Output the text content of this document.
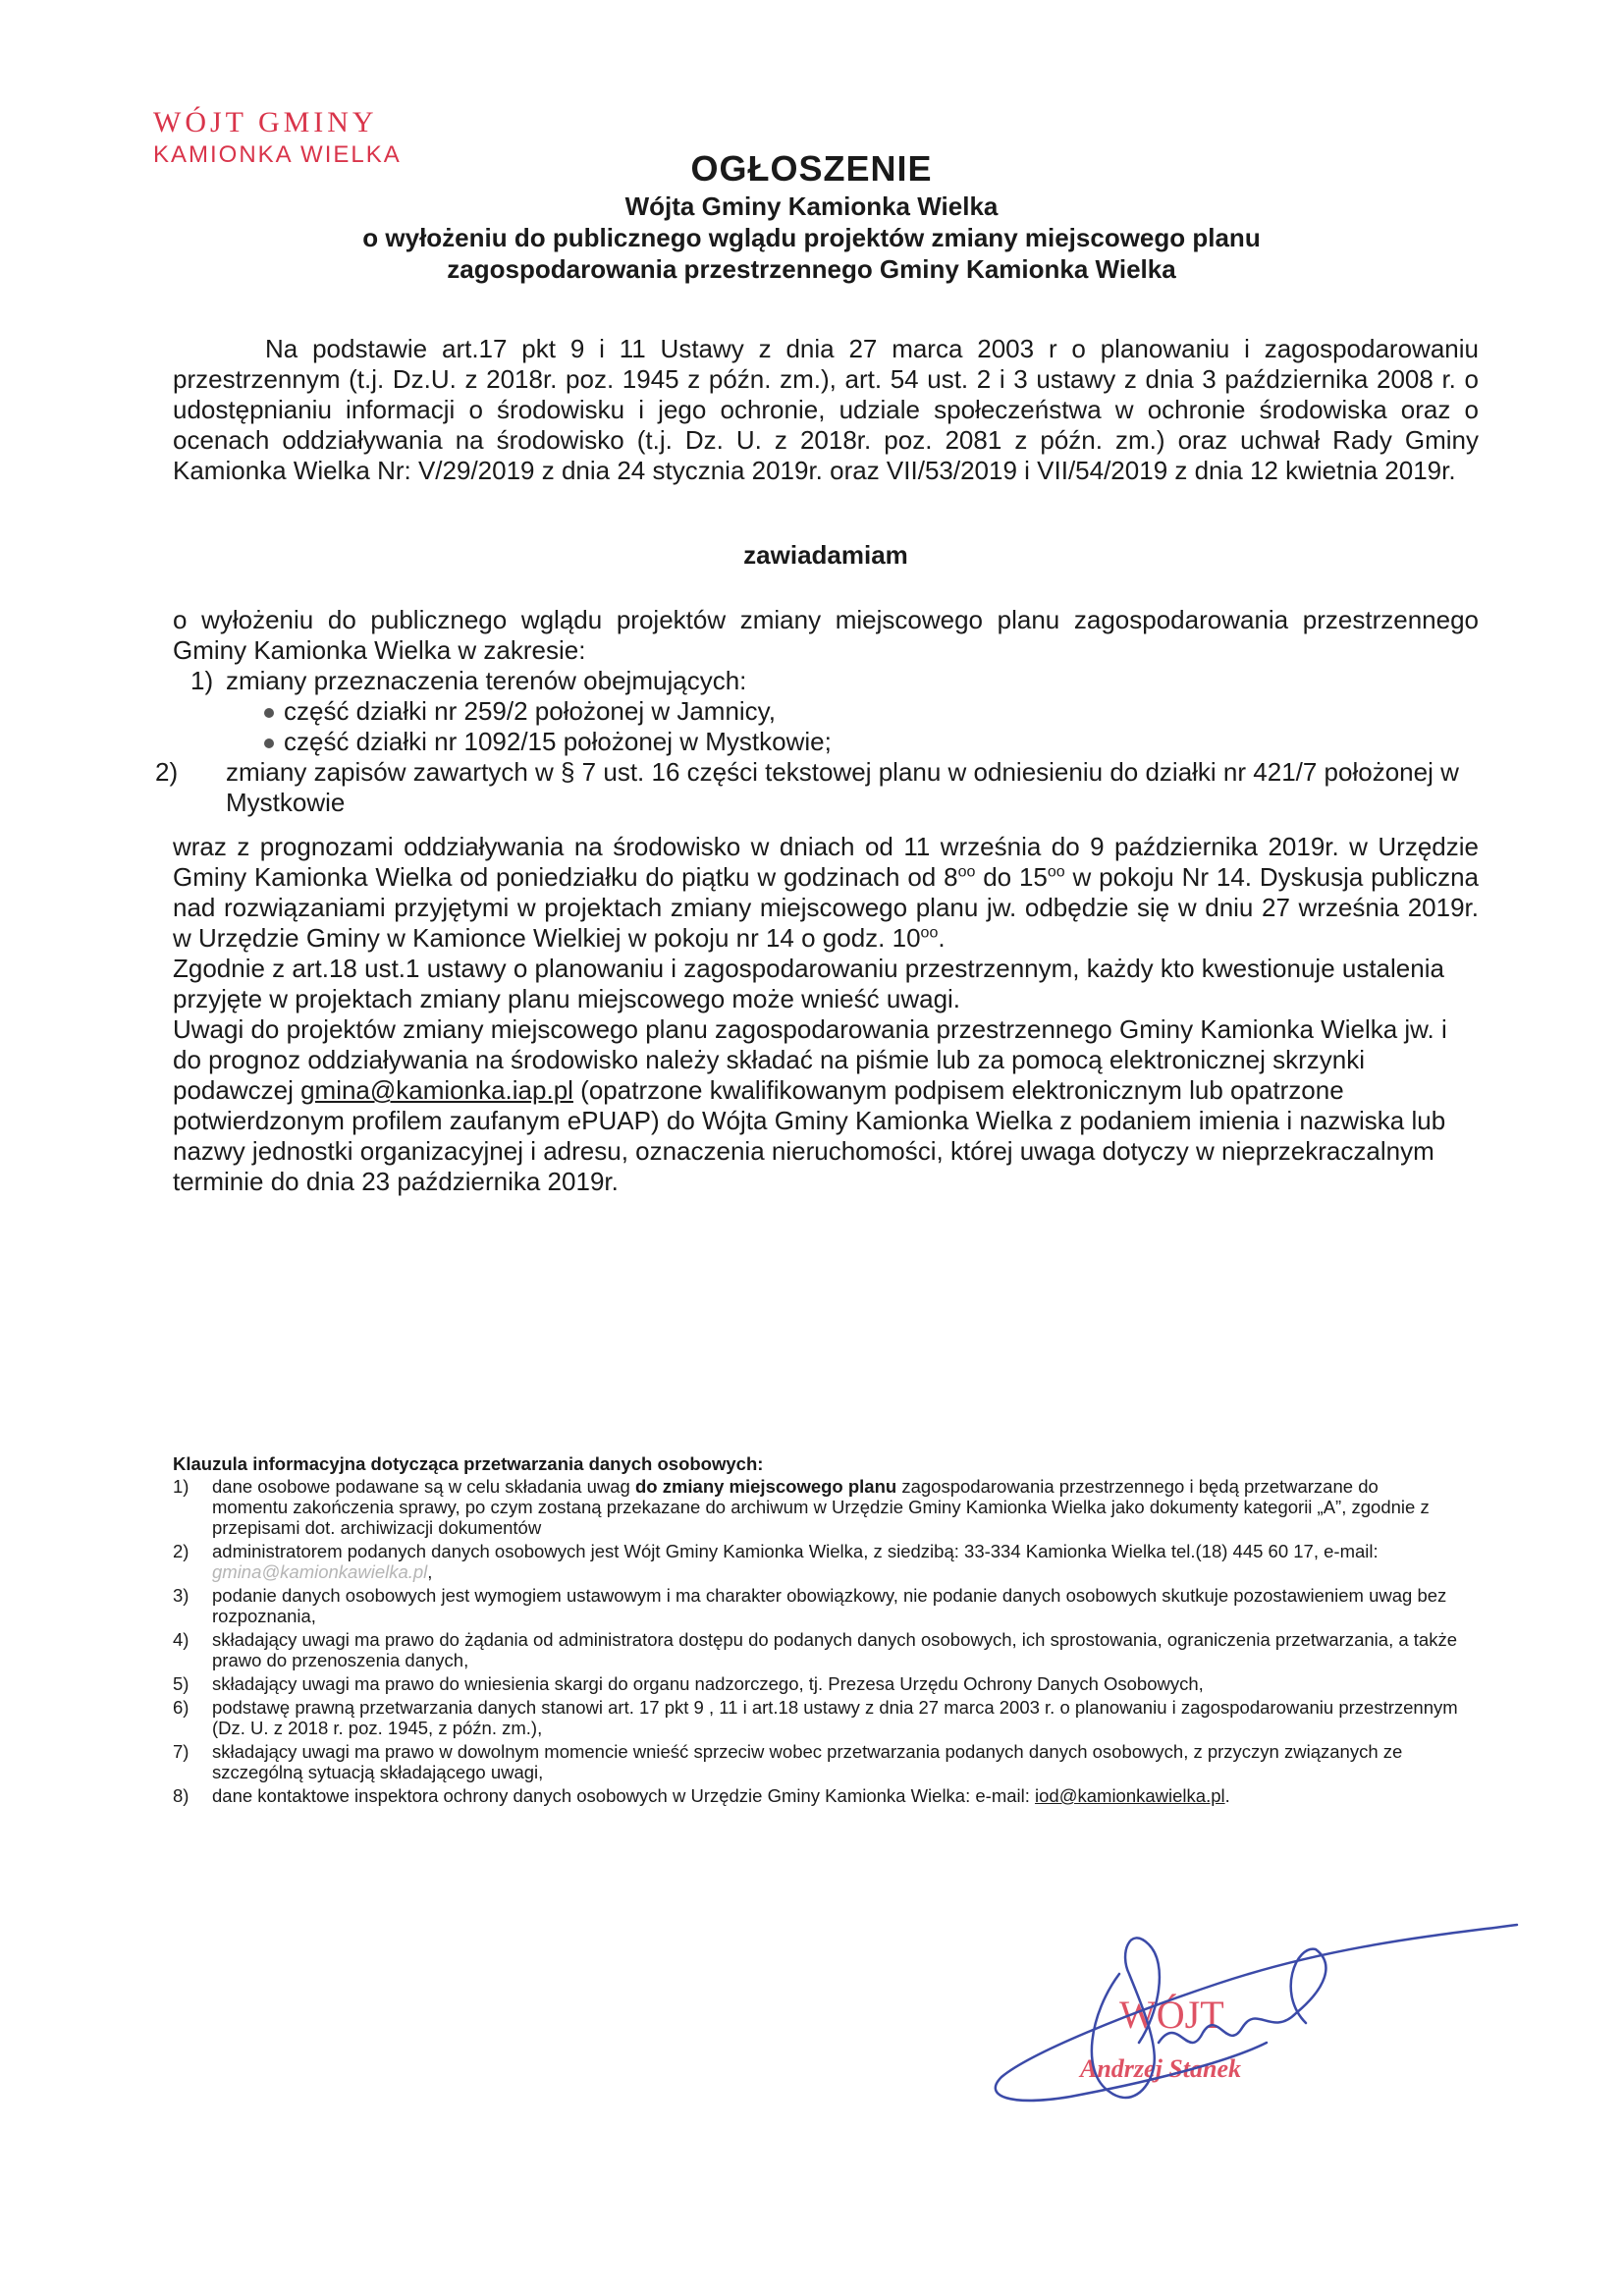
WÓJT GMINY
KAMIONKA WIELKA	OGŁOSZENIE
Wójta Gminy Kamionka Wielka
o wyłożeniu do publicznego wglądu projektów zmiany miejscowego planu
zagospodarowania przestrzennego Gminy Kamionka Wielka

Na podstawie art.17 pkt 9 i 11 Ustawy z dnia 27 marca 2003 r o planowaniu i zagospodarowaniu przestrzennym (t.j. Dz.U. z 2018r. poz. 1945 z późn. zm.), art. 54 ust. 2 i 3 ustawy z dnia 3 października 2008 r. o udostępnianiu informacji o środowisku i jego ochronie, udziale społeczeństwa w ochronie środowiska oraz o ocenach oddziaływania na środowisko (t.j. Dz. U. z 2018r. poz. 2081 z późn. zm.) oraz uchwał Rady Gminy Kamionka Wielka Nr: V/29/2019 z dnia 24 stycznia 2019r. oraz VII/53/2019 i VII/54/2019 z dnia 12 kwietnia 2019r.

zawiadamiam

o wyłożeniu do publicznego wglądu projektów zmiany miejscowego planu zagospodarowania przestrzennego Gminy Kamionka Wielka w zakresie:

1) zmiany przeznaczenia terenów obejmujących:
część działki nr 259/2 położonej w Jamnicy,
część działki nr 1092/15 położonej w Mystkowie;
2) zmiany zapisów zawartych w § 7 ust. 16 części tekstowej planu w odniesieniu do działki nr 421/7 położonej w Mystkowie

wraz z prognozami oddziaływania na środowisko w dniach od 11 września do 9 października 2019r. w Urzędzie Gminy Kamionka Wielka od poniedziałku do piątku w godzinach od $8^{oo}$ do $15^{oo}$ w pokoju Nr 14. Dyskusja publiczna nad rozwiązaniami przyjętymi w projektach zmiany miejscowego planu jw. odbędzie się w dniu 27 września 2019r. w Urzędzie Gminy w Kamionce Wielkiej w pokoju nr 14 o godz. $10^{oo}$.

Zgodnie z art.18 ust.1 ustawy o planowaniu i zagospodarowaniu przestrzennym, każdy kto kwestionuje ustalenia przyjęte w projektach zmiany planu miejscowego może wnieść uwagi.

Uwagi do projektów zmiany miejscowego planu zagospodarowania przestrzennego Gminy Kamionka Wielka jw. i do prognoz oddziaływania na środowisko należy składać na piśmie lub za pomocą elektronicznej skrzynki podawczej gmina@kamionka.iap.pl (opatrzone kwalifikowanym podpisem elektronicznym lub opatrzone potwierdzonym profilem zaufanym ePUAP) do Wójta Gminy Kamionka Wielka z podaniem imienia i nazwiska lub nazwy jednostki organizacyjnej i adresu, oznaczenia nieruchomości, której uwaga dotyczy w nieprzekraczalnym terminie do dnia 23 października 2019r.

Klauzula informacyjna dotycząca przetwarzania danych osobowych:
1) dane osobowe podawane są w celu składania uwag do zmiany miejscowego planu zagospodarowania przestrzennego i będą przetwarzane do momentu zakończenia sprawy, po czym zostaną przekazane do archiwum w Urzędzie Gminy Kamionka Wielka jako dokumenty kategorii „A”, zgodnie z przepisami dot. archiwizacji dokumentów
2) administratorem podanych danych osobowych jest Wójt Gminy Kamionka Wielka, z siedzibą: 33-334 Kamionka Wielka tel.(18) 445 60 17, e-mail: gmina@kamionkawielka.pl,
3) podanie danych osobowych jest wymogiem ustawowym i ma charakter obowiązkowy, nie podanie danych osobowych skutkuje pozostawieniem uwag bez rozpoznania,
4) składający uwagi ma prawo do żądania od administratora dostępu do podanych danych osobowych, ich sprostowania, ograniczenia przetwarzania, a także prawo do przenoszenia danych,
5) składający uwagi ma prawo do wniesienia skargi do organu nadzorczego, tj. Prezesa Urzędu Ochrony Danych Osobowych,
6) podstawę prawną przetwarzania danych stanowi art. 17 pkt 9 , 11 i art.18 ustawy z dnia 27 marca 2003 r. o planowaniu i zagospodarowaniu przestrzennym (Dz. U. z 2018 r. poz. 1945, z późn. zm.),
7) składający uwagi ma prawo w dowolnym momencie wnieść sprzeciw wobec przetwarzania podanych danych osobowych, z przyczyn związanych ze szczególną sytuacją składającego uwagi,
8) dane kontaktowe inspektora ochrony danych osobowych w Urzędzie Gminy Kamionka Wielka: e-mail: iod@kamionkawielka.pl.
WÓJT
Andrzej Stanek
